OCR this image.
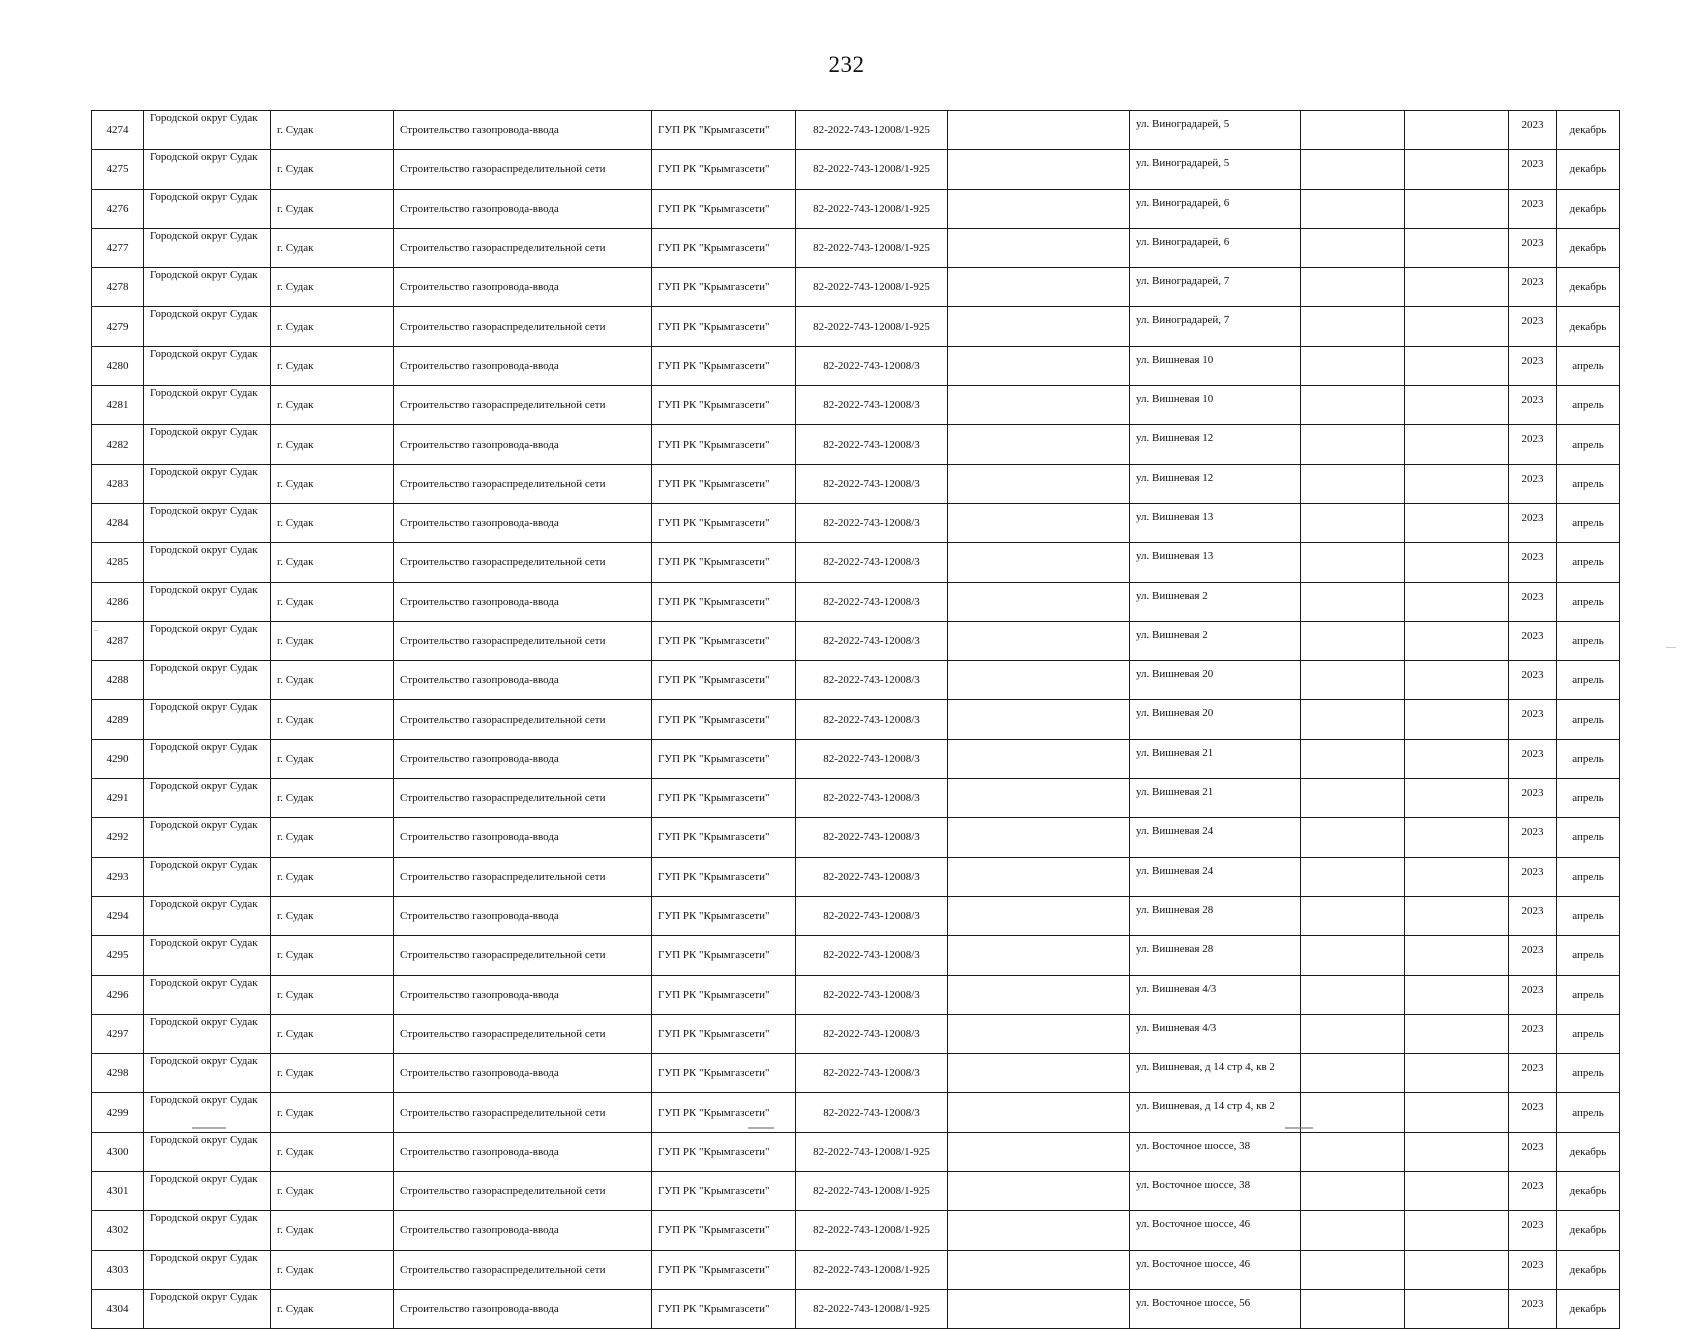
232
4274	Городской округ Судак	г. Судак	Строительство газопровода-ввода	ГУП РК "Крымгазсети"	82-2022-743-12008/1-925		ул. Виноградарей, 5			2023	декабрь
4275	Городской округ Судак	г. Судак	Строительство газораспределительной сети	ГУП РК "Крымгазсети"	82-2022-743-12008/1-925		ул. Виноградарей, 5			2023	декабрь
4276	Городской округ Судак	г. Судак	Строительство газопровода-ввода	ГУП РК "Крымгазсети"	82-2022-743-12008/1-925		ул. Виноградарей, 6			2023	декабрь
4277	Городской округ Судак	г. Судак	Строительство газораспределительной сети	ГУП РК "Крымгазсети"	82-2022-743-12008/1-925		ул. Виноградарей, 6			2023	декабрь
4278	Городской округ Судак	г. Судак	Строительство газопровода-ввода	ГУП РК "Крымгазсети"	82-2022-743-12008/1-925		ул. Виноградарей, 7			2023	декабрь
4279	Городской округ Судак	г. Судак	Строительство газораспределительной сети	ГУП РК "Крымгазсети"	82-2022-743-12008/1-925		ул. Виноградарей, 7			2023	декабрь
4280	Городской округ Судак	г. Судак	Строительство газопровода-ввода	ГУП РК "Крымгазсети"	82-2022-743-12008/3		ул. Вишневая 10			2023	апрель
4281	Городской округ Судак	г. Судак	Строительство газораспределительной сети	ГУП РК "Крымгазсети"	82-2022-743-12008/3		ул. Вишневая 10			2023	апрель
4282	Городской округ Судак	г. Судак	Строительство газопровода-ввода	ГУП РК "Крымгазсети"	82-2022-743-12008/3		ул. Вишневая 12			2023	апрель
4283	Городской округ Судак	г. Судак	Строительство газораспределительной сети	ГУП РК "Крымгазсети"	82-2022-743-12008/3		ул. Вишневая 12			2023	апрель
4284	Городской округ Судак	г. Судак	Строительство газопровода-ввода	ГУП РК "Крымгазсети"	82-2022-743-12008/3		ул. Вишневая 13			2023	апрель
4285	Городской округ Судак	г. Судак	Строительство газораспределительной сети	ГУП РК "Крымгазсети"	82-2022-743-12008/3		ул. Вишневая 13			2023	апрель
4286	Городской округ Судак	г. Судак	Строительство газопровода-ввода	ГУП РК "Крымгазсети"	82-2022-743-12008/3		ул. Вишневая 2			2023	апрель
4287	Городской округ Судак	г. Судак	Строительство газораспределительной сети	ГУП РК "Крымгазсети"	82-2022-743-12008/3		ул. Вишневая 2			2023	апрель
4288	Городской округ Судак	г. Судак	Строительство газопровода-ввода	ГУП РК "Крымгазсети"	82-2022-743-12008/3		ул. Вишневая 20			2023	апрель
4289	Городской округ Судак	г. Судак	Строительство газораспределительной сети	ГУП РК "Крымгазсети"	82-2022-743-12008/3		ул. Вишневая 20			2023	апрель
4290	Городской округ Судак	г. Судак	Строительство газопровода-ввода	ГУП РК "Крымгазсети"	82-2022-743-12008/3		ул. Вишневая 21			2023	апрель
4291	Городской округ Судак	г. Судак	Строительство газораспределительной сети	ГУП РК "Крымгазсети"	82-2022-743-12008/3		ул. Вишневая 21			2023	апрель
4292	Городской округ Судак	г. Судак	Строительство газопровода-ввода	ГУП РК "Крымгазсети"	82-2022-743-12008/3		ул. Вишневая 24			2023	апрель
4293	Городской округ Судак	г. Судак	Строительство газораспределительной сети	ГУП РК "Крымгазсети"	82-2022-743-12008/3		ул. Вишневая 24			2023	апрель
4294	Городской округ Судак	г. Судак	Строительство газопровода-ввода	ГУП РК "Крымгазсети"	82-2022-743-12008/3		ул. Вишневая 28			2023	апрель
4295	Городской округ Судак	г. Судак	Строительство газораспределительной сети	ГУП РК "Крымгазсети"	82-2022-743-12008/3		ул. Вишневая 28			2023	апрель
4296	Городской округ Судак	г. Судак	Строительство газопровода-ввода	ГУП РК "Крымгазсети"	82-2022-743-12008/3		ул. Вишневая 4/3			2023	апрель
4297	Городской округ Судак	г. Судак	Строительство газораспределительной сети	ГУП РК "Крымгазсети"	82-2022-743-12008/3		ул. Вишневая 4/3			2023	апрель
4298	Городской округ Судак	г. Судак	Строительство газопровода-ввода	ГУП РК "Крымгазсети"	82-2022-743-12008/3		ул. Вишневая, д 14 стр 4, кв 2			2023	апрель
4299	Городской округ Судак	г. Судак	Строительство газораспределительной сети	ГУП РК "Крымгазсети"	82-2022-743-12008/3		ул. Вишневая, д 14 стр 4, кв 2			2023	апрель
4300	Городской округ Судак	г. Судак	Строительство газопровода-ввода	ГУП РК "Крымгазсети"	82-2022-743-12008/1-925		ул. Восточное шоссе, 38			2023	декабрь
4301	Городской округ Судак	г. Судак	Строительство газораспределительной сети	ГУП РК "Крымгазсети"	82-2022-743-12008/1-925		ул. Восточное шоссе, 38			2023	декабрь
4302	Городской округ Судак	г. Судак	Строительство газопровода-ввода	ГУП РК "Крымгазсети"	82-2022-743-12008/1-925		ул. Восточное шоссе, 46			2023	декабрь
4303	Городской округ Судак	г. Судак	Строительство газораспределительной сети	ГУП РК "Крымгазсети"	82-2022-743-12008/1-925		ул. Восточное шоссе, 46			2023	декабрь
4304	Городской округ Судак	г. Судак	Строительство газопровода-ввода	ГУП РК "Крымгазсети"	82-2022-743-12008/1-925		ул. Восточное шоссе, 56			2023	декабрь
